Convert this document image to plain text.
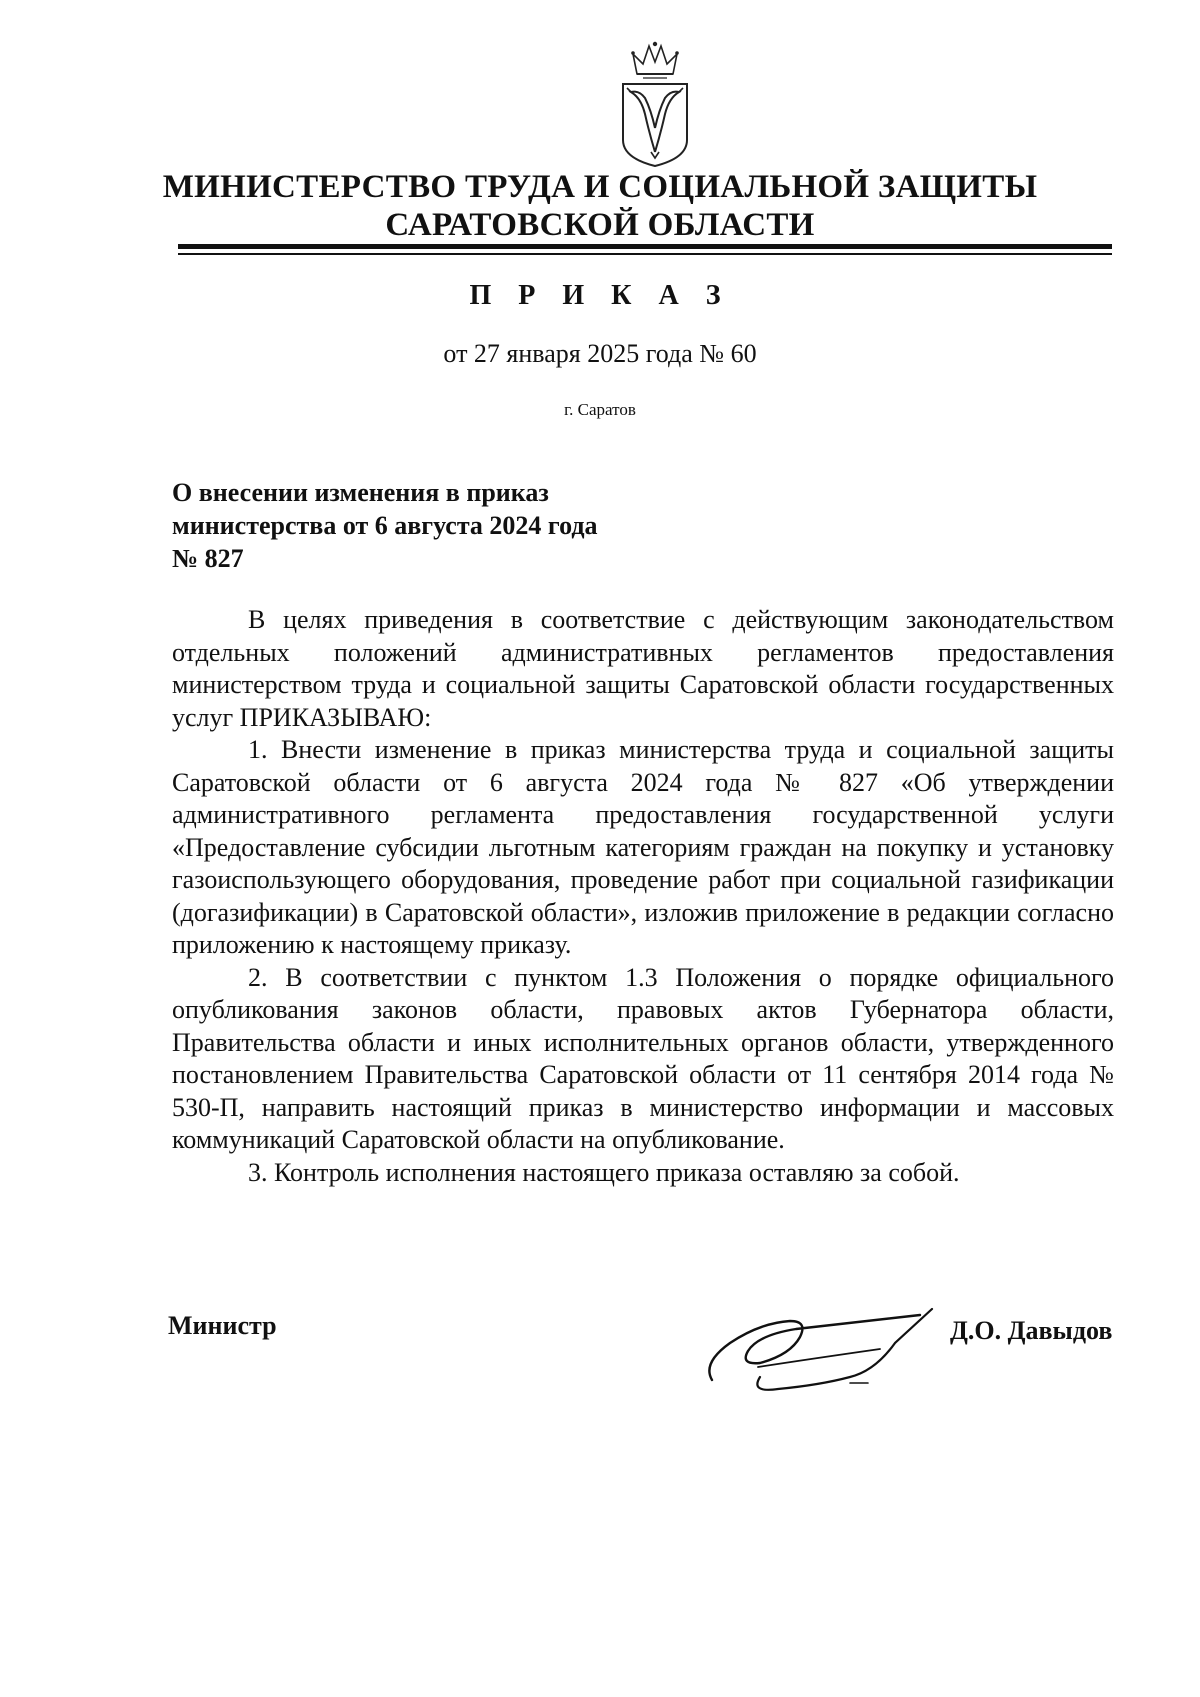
МИНИСТЕРСТВО ТРУДА И СОЦИАЛЬНОЙ ЗАЩИТЫ
САРАТОВСКОЙ ОБЛАСТИ
П Р И К А З
от 27 января 2025 года № 60
г. Саратов
О внесении изменения в приказ
министерства от 6 августа 2024 года
№ 827

В целях приведения в соответствие с действующим законодательством отдельных положений административных регламентов предоставления министерством труда и социальной защиты Саратовской области государственных услуг ПРИКАЗЫВАЮ:

1. Внести изменение в приказ министерства труда и социальной защиты Саратовской области от 6 августа 2024 года № 827 «Об утверждении административного регламента предоставления государственной услуги «Предоставление субсидии льготным категориям граждан на покупку и установку газоиспользующего оборудования, проведение работ при социальной газификации (догазификации) в Саратовской области», изложив приложение в редакции согласно приложению к настоящему приказу.

2. В соответствии с пунктом 1.3 Положения о порядке официального опубликования законов области, правовых актов Губернатора области, Правительства области и иных исполнительных органов области, утвержденного постановлением Правительства Саратовской области от 11 сентября 2014 года № 530-П, направить настоящий приказ в министерство информации и массовых коммуникаций Саратовской области на опубликование.

3. Контроль исполнения настоящего приказа оставляю за собой.

Министр	Д.О. Давыдов
